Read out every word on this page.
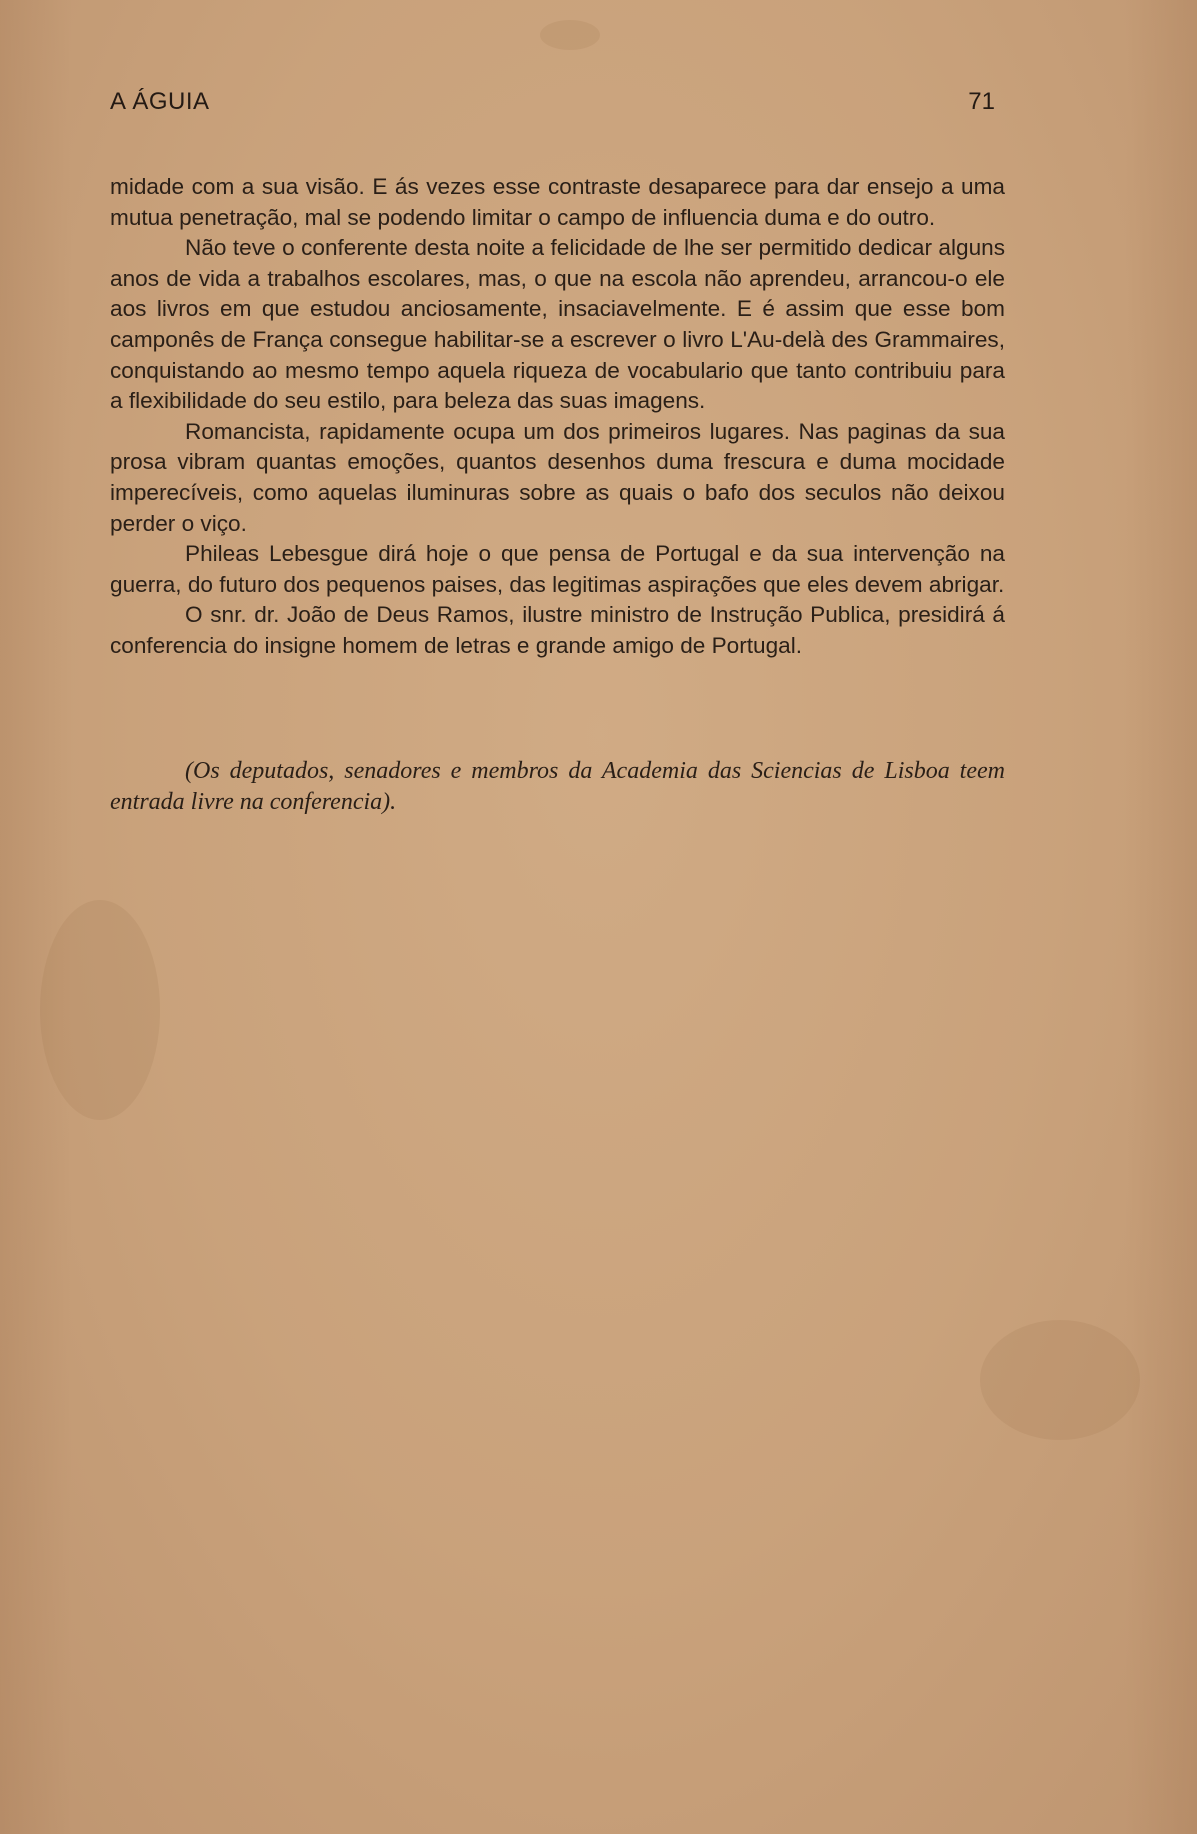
A ÁGUIA	71

midade com a sua visão. E ás vezes esse contraste desaparece para dar ensejo a uma mutua penetração, mal se podendo limitar o campo de influencia duma e do outro.

Não teve o conferente desta noite a felicidade de lhe ser permitido dedicar alguns anos de vida a trabalhos escolares, mas, o que na escola não aprendeu, arrancou-o ele aos livros em que estudou anciosamente, insaciavelmente. E é assim que esse bom camponês de França consegue habilitar-se a escrever o livro L'Au-delà des Grammaires, conquistando ao mesmo tempo aquela riqueza de vocabulario que tanto contribuiu para a flexibilidade do seu estilo, para beleza das suas imagens.

Romancista, rapidamente ocupa um dos primeiros lugares. Nas paginas da sua prosa vibram quantas emoções, quantos desenhos duma frescura e duma mocidade imperecíveis, como aquelas iluminuras sobre as quais o bafo dos seculos não deixou perder o viço.

Phileas Lebesgue dirá hoje o que pensa de Portugal e da sua intervenção na guerra, do futuro dos pequenos paises, das legitimas aspirações que eles devem abrigar.

O snr. dr. João de Deus Ramos, ilustre ministro de Instrução Publica, presidirá á conferencia do insigne homem de letras e grande amigo de Portugal.

(Os deputados, senadores e membros da Academia das Sciencias de Lisboa teem entrada livre na conferencia).
